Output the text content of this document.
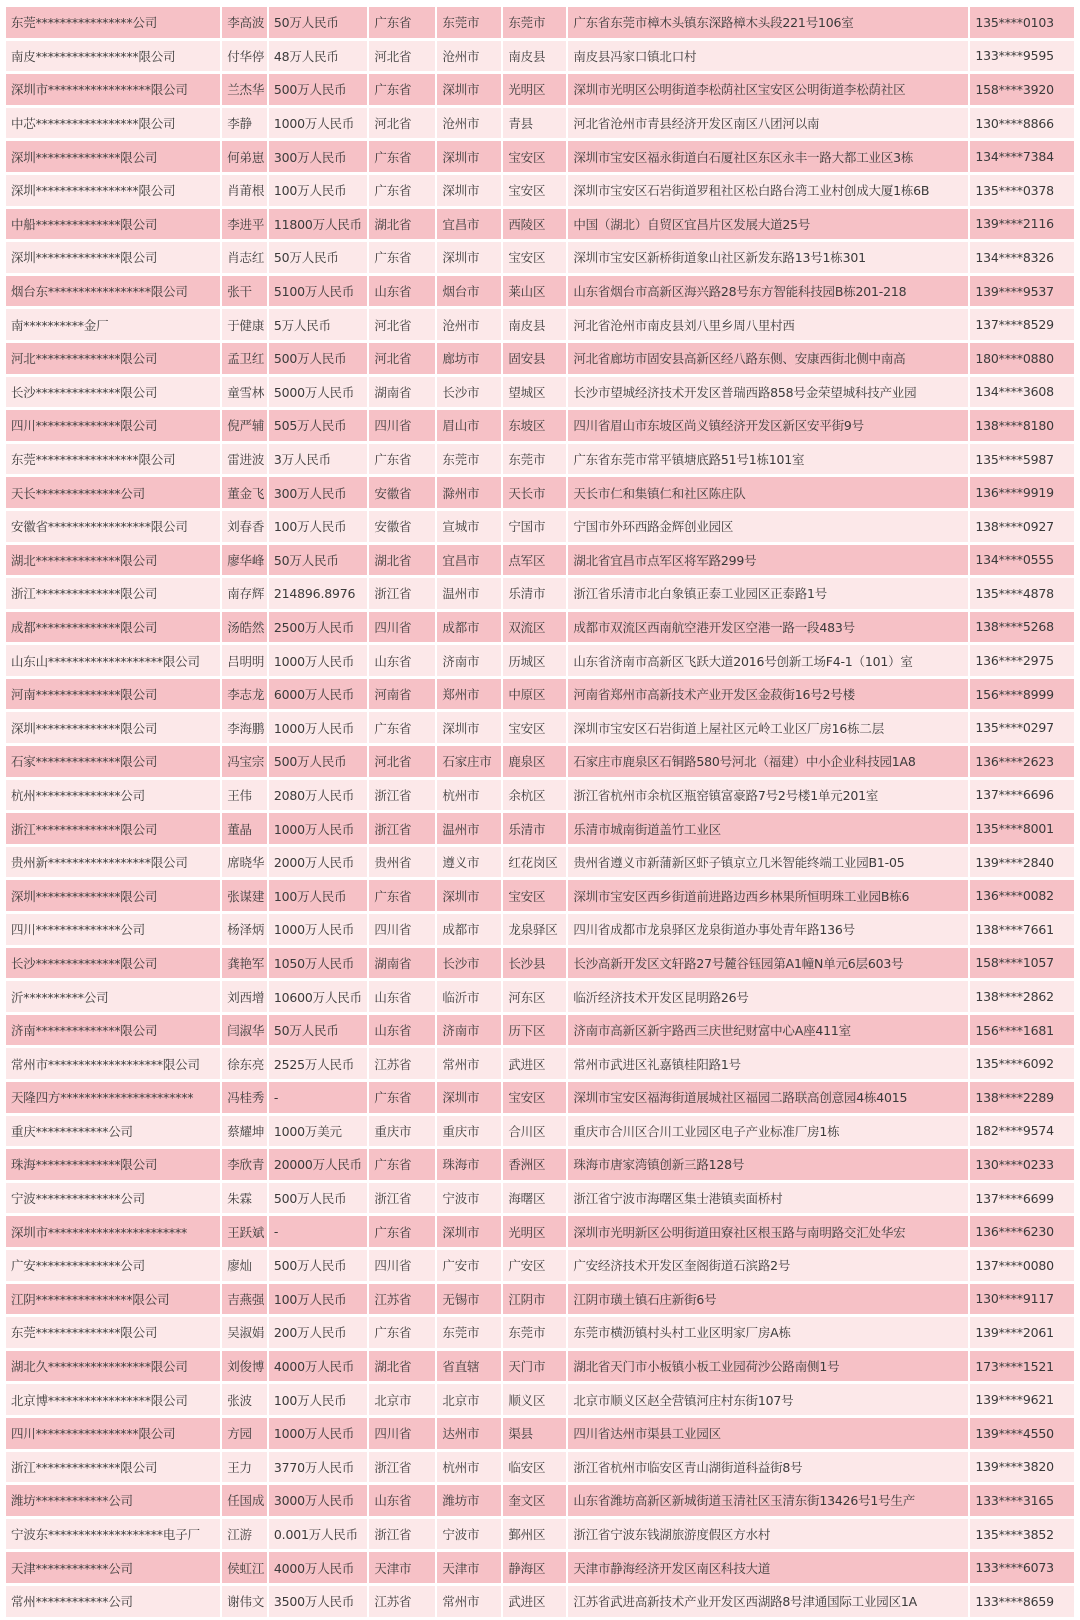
东莞****************公司	李高波	50万人民币	广东省	东莞市	东莞市	广东省东莞市樟木头镇东深路樟木头段221号106室	135****0103
南皮*****************限公司	付华停	48万人民币	河北省	沧州市	南皮县	南皮县冯家口镇北口村	133****9595
深圳市*****************限公司	兰杰华	500万人民币	广东省	深圳市	光明区	深圳市光明区公明街道李松荫社区宝安区公明街道李松荫社区	158****3920
中芯*****************限公司	李静	1000万人民币	河北省	沧州市	青县	河北省沧州市青县经济开发区南区八团河以南	130****8866
深圳**************限公司	何弟崽	300万人民币	广东省	深圳市	宝安区	深圳市宝安区福永街道白石厦社区东区永丰一路大都工业区3栋	134****7384
深圳*****************限公司	肖莆根	100万人民币	广东省	深圳市	宝安区	深圳市宝安区石岩街道罗租社区松白路台湾工业村创成大厦1栋6B	135****0378
中船**************限公司	李进平	11800万人民币	湖北省	宜昌市	西陵区	中国（湖北）自贸区宜昌片区发展大道25号	139****2116
深圳**************限公司	肖志红	50万人民币	广东省	深圳市	宝安区	深圳市宝安区新桥街道象山社区新发东路13号1栋301	134****8326
烟台东*****************限公司	张干	5100万人民币	山东省	烟台市	莱山区	山东省烟台市高新区海兴路28号东方智能科技园B栋201-218	139****9537
南**********金厂	于健康	5万人民币	河北省	沧州市	南皮县	河北省沧州市南皮县刘八里乡周八里村西	137****8529
河北**************限公司	孟卫红	500万人民币	河北省	廊坊市	固安县	河北省廊坊市固安县高新区经八路东侧、安康西街北侧中南高	180****0880
长沙**************限公司	童雪林	5000万人民币	湖南省	长沙市	望城区	长沙市望城经济技术开发区普瑞西路858号金荣望城科技产业园	134****3608
四川**************限公司	倪严辅	505万人民币	四川省	眉山市	东坡区	四川省眉山市东坡区尚义镇经济开发区新区安平街9号	138****8180
东莞*****************限公司	雷进波	3万人民币	广东省	东莞市	东莞市	广东省东莞市常平镇塘底路51号1栋101室	135****5987
天长**************公司	董金飞	300万人民币	安徽省	滁州市	天长市	天长市仁和集镇仁和社区陈庄队	136****9919
安徽省*****************限公司	刘春香	100万人民币	安徽省	宣城市	宁国市	宁国市外环西路金辉创业园区	138****0927
湖北**************限公司	廖华峰	50万人民币	湖北省	宜昌市	点军区	湖北省宜昌市点军区将军路299号	134****0555
浙江**************限公司	南存辉	214896.8976	浙江省	温州市	乐清市	浙江省乐清市北白象镇正泰工业园区正泰路1号	135****4878
成都**************限公司	汤皓然	2500万人民币	四川省	成都市	双流区	成都市双流区西南航空港开发区空港一路一段483号	138****5268
山东山*******************限公司	吕明明	1000万人民币	山东省	济南市	历城区	山东省济南市高新区飞跃大道2016号创新工场F4-1（101）室	136****2975
河南**************限公司	李志龙	6000万人民币	河南省	郑州市	中原区	河南省郑州市高新技术产业开发区金菽街16号2号楼	156****8999
深圳**************限公司	李海鹏	1000万人民币	广东省	深圳市	宝安区	深圳市宝安区石岩街道上屋社区元岭工业区厂房16栋二层	135****0297
石家**************限公司	冯宝宗	500万人民币	河北省	石家庄市	鹿泉区	石家庄市鹿泉区石铜路580号河北（福建）中小企业科技园1A8	136****2623
杭州**************公司	王伟	2080万人民币	浙江省	杭州市	余杭区	浙江省杭州市余杭区瓶窑镇富豪路7号2号楼1单元201室	137****6696
浙江**************限公司	董晶	1000万人民币	浙江省	温州市	乐清市	乐清市城南街道盖竹工业区	135****8001
贵州新*****************限公司	席晓华	2000万人民币	贵州省	遵义市	红花岗区	贵州省遵义市新蒲新区虾子镇京立几米智能终端工业园B1-05	139****2840
深圳**************限公司	张谋建	100万人民币	广东省	深圳市	宝安区	深圳市宝安区西乡街道前进路边西乡林果所恒明珠工业园B栋6	136****0082
四川**************公司	杨泽炳	1000万人民币	四川省	成都市	龙泉驿区	四川省成都市龙泉驿区龙泉街道办事处青年路136号	138****7661
长沙**************限公司	龚艳军	1050万人民币	湖南省	长沙市	长沙县	长沙高新开发区文轩路27号麓谷钰园第A1幢N单元6层603号	158****1057
沂**********公司	刘西增	10600万人民币	山东省	临沂市	河东区	临沂经济技术开发区昆明路26号	138****2862
济南**************限公司	闫淑华	50万人民币	山东省	济南市	历下区	济南市高新区新宇路西三庆世纪财富中心A座411室	156****1681
常州市*******************限公司	徐东亮	2525万人民币	江苏省	常州市	武进区	常州市武进区礼嘉镇桂阳路1号	135****6092
天隆四方**********************	冯桂秀	-	广东省	深圳市	宝安区	深圳市宝安区福海街道展城社区福园二路联高创意园4栋4015	138****2289
重庆************公司	蔡耀坤	1000万美元	重庆市	重庆市	合川区	重庆市合川区合川工业园区电子产业标准厂房1栋	182****9574
珠海**************限公司	李欣青	20000万人民币	广东省	珠海市	香洲区	珠海市唐家湾镇创新三路128号	130****0233
宁波**************公司	朱霖	500万人民币	浙江省	宁波市	海曙区	浙江省宁波市海曙区集士港镇卖面桥村	137****6699
深圳市***********************	王跃斌	-	广东省	深圳市	光明区	深圳市光明新区公明街道田寮社区根玉路与南明路交汇处华宏	136****6230
广安**************公司	廖灿	500万人民币	四川省	广安市	广安区	广安经济技术开发区奎阁街道石滨路2号	137****0080
江阴****************限公司	吉燕强	100万人民币	江苏省	无锡市	江阴市	江阴市璜土镇石庄新街6号	130****9117
东莞**************限公司	吴淑娟	200万人民币	广东省	东莞市	东莞市	东莞市横沥镇村头村工业区明家厂房A栋	139****2061
湖北久*****************限公司	刘俊博	4000万人民币	湖北省	省直辖	天门市	湖北省天门市小板镇小板工业园荷沙公路南侧1号	173****1521
北京博*****************限公司	张波	100万人民币	北京市	北京市	顺义区	北京市顺义区赵全营镇河庄村东街107号	139****9621
四川*****************限公司	方园	1000万人民币	四川省	达州市	渠县	四川省达州市渠县工业园区	139****4550
浙江**************限公司	王力	3770万人民币	浙江省	杭州市	临安区	浙江省杭州市临安区青山湖街道科益街8号	139****3820
潍坊************公司	任国成	3000万人民币	山东省	潍坊市	奎文区	山东省潍坊高新区新城街道玉清社区玉清东街13426号1号生产	133****3165
宁波东*******************电子厂	江游	0.001万人民币	浙江省	宁波市	鄞州区	浙江省宁波东钱湖旅游度假区方水村	135****3852
天津************公司	侯虹江	4000万人民币	天津市	天津市	静海区	天津市静海经济开发区南区科技大道	133****6073
常州************公司	谢伟文	3500万人民币	江苏省	常州市	武进区	江苏省武进高新技术产业开发区西湖路8号津通国际工业园区1A	133****8659
